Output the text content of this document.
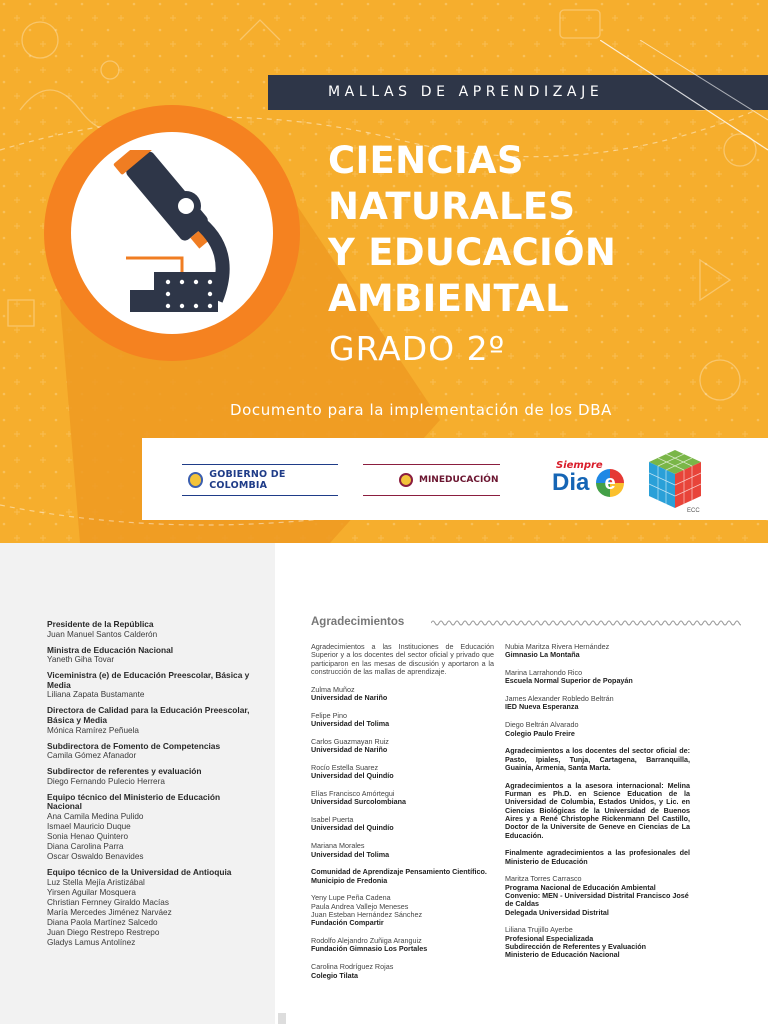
MALLAS DE APRENDIZAJE
CIENCIAS
NATURALES
Y EDUCACIÓN
AMBIENTAL
GRADO 2º
Documento para la implementación de los DBA
GOBIERNO DE COLOMBIA	MINEDUCACIÓN
Siempre
Dia e
ECC
Presidente de la República
Juan Manuel Santos Calderón
Ministra de Educación Nacional
Yaneth Giha Tovar
Viceministra (e) de Educación Preescolar, Básica y Media
Liliana Zapata Bustamante
Directora de Calidad para la Educación Preescolar, Básica y Media
Mónica Ramírez Peñuela
Subdirectora de Fomento de Competencias
Camila Gómez Afanador
Subdirector de referentes y evaluación
Diego Fernando Pulecio Herrera
Equipo técnico del Ministerio de Educación Nacional
Ana Camila Medina Pulido
Ismael Mauricio Duque
Sonia Henao Quintero
Diana Carolina Parra
Oscar Oswaldo Benavides
Equipo técnico de la Universidad de Antioquia
Luz Stella Mejía Aristizábal
Yirsen Aguilar Mosquera
Christian Fernney Giraldo Macías
María Mercedes Jiménez Narváez
Diana Paola Martínez Salcedo
Juan Diego Restrepo Restrepo
Gladys Lamus Antolínez
Agradecimientos

Agradecimientos a las Instituciones de Educación Superior y a los docentes del sector oficial y privado que participaron en las mesas de discusión y aportaron a la construcción de las mallas de aprendizaje.

Zulma Muñoz

Universidad de Nariño

Felipe Pino

Universidad del Tolima

Carlos Guazmayan Ruiz

Universidad de Nariño

Rocío Estella Suarez

Universidad del Quindío

Elías Francisco Amórtegui

Universidad Surcolombiana

Isabel Puerta

Universidad del Quindío

Mariana Morales

Universidad del Tolima

Comunidad de Aprendizaje Pensamiento Científico. Municipio de Fredonia

Yeny Lupe Peña Cadena

Paula Andrea Vallejo Meneses

Juan Esteban Hernández Sánchez

Fundación Compartir

Rodolfo Alejandro Zuñiga Aranguiz

Fundación Gimnasio Los Portales

Carolina Rodríguez Rojas

Colegio Tilata

Nubia Maritza Rivera Hernández

Gimnasio La Montaña

Marina Larrahondo Rico

Escuela Normal Superior de Popayán

James Alexander Robledo Beltrán

IED Nueva Esperanza

Diego Beltrán Alvarado

Colegio Paulo Freire

Agradecimientos a los docentes del sector oficial de: Pasto, Ipiales, Tunja, Cartagena, Barranquilla, Guainía, Armenia, Santa Marta.

Agradecimientos a la asesora internacional: Melina Furman es Ph.D. en Science Education de la Universidad de Columbia, Estados Unidos, y Lic. en Ciencias Biológicas de la Universidad de Buenos Aires y a René Christophe Rickenmann Del Castillo, Doctor de la Universite de Geneve en Ciencias de La Educación.

Finalmente agradecimientos a las profesionales del Ministerio de Educación

Maritza Torres Carrasco

Programa Nacional de Educación Ambiental

Convenio: MEN - Universidad Distrital Francisco José de Caldas

Delegada Universidad Distrital

Liliana Trujillo Ayerbe

Profesional Especializada

Subdirección de Referentes y Evaluación

Ministerio de Educación Nacional
